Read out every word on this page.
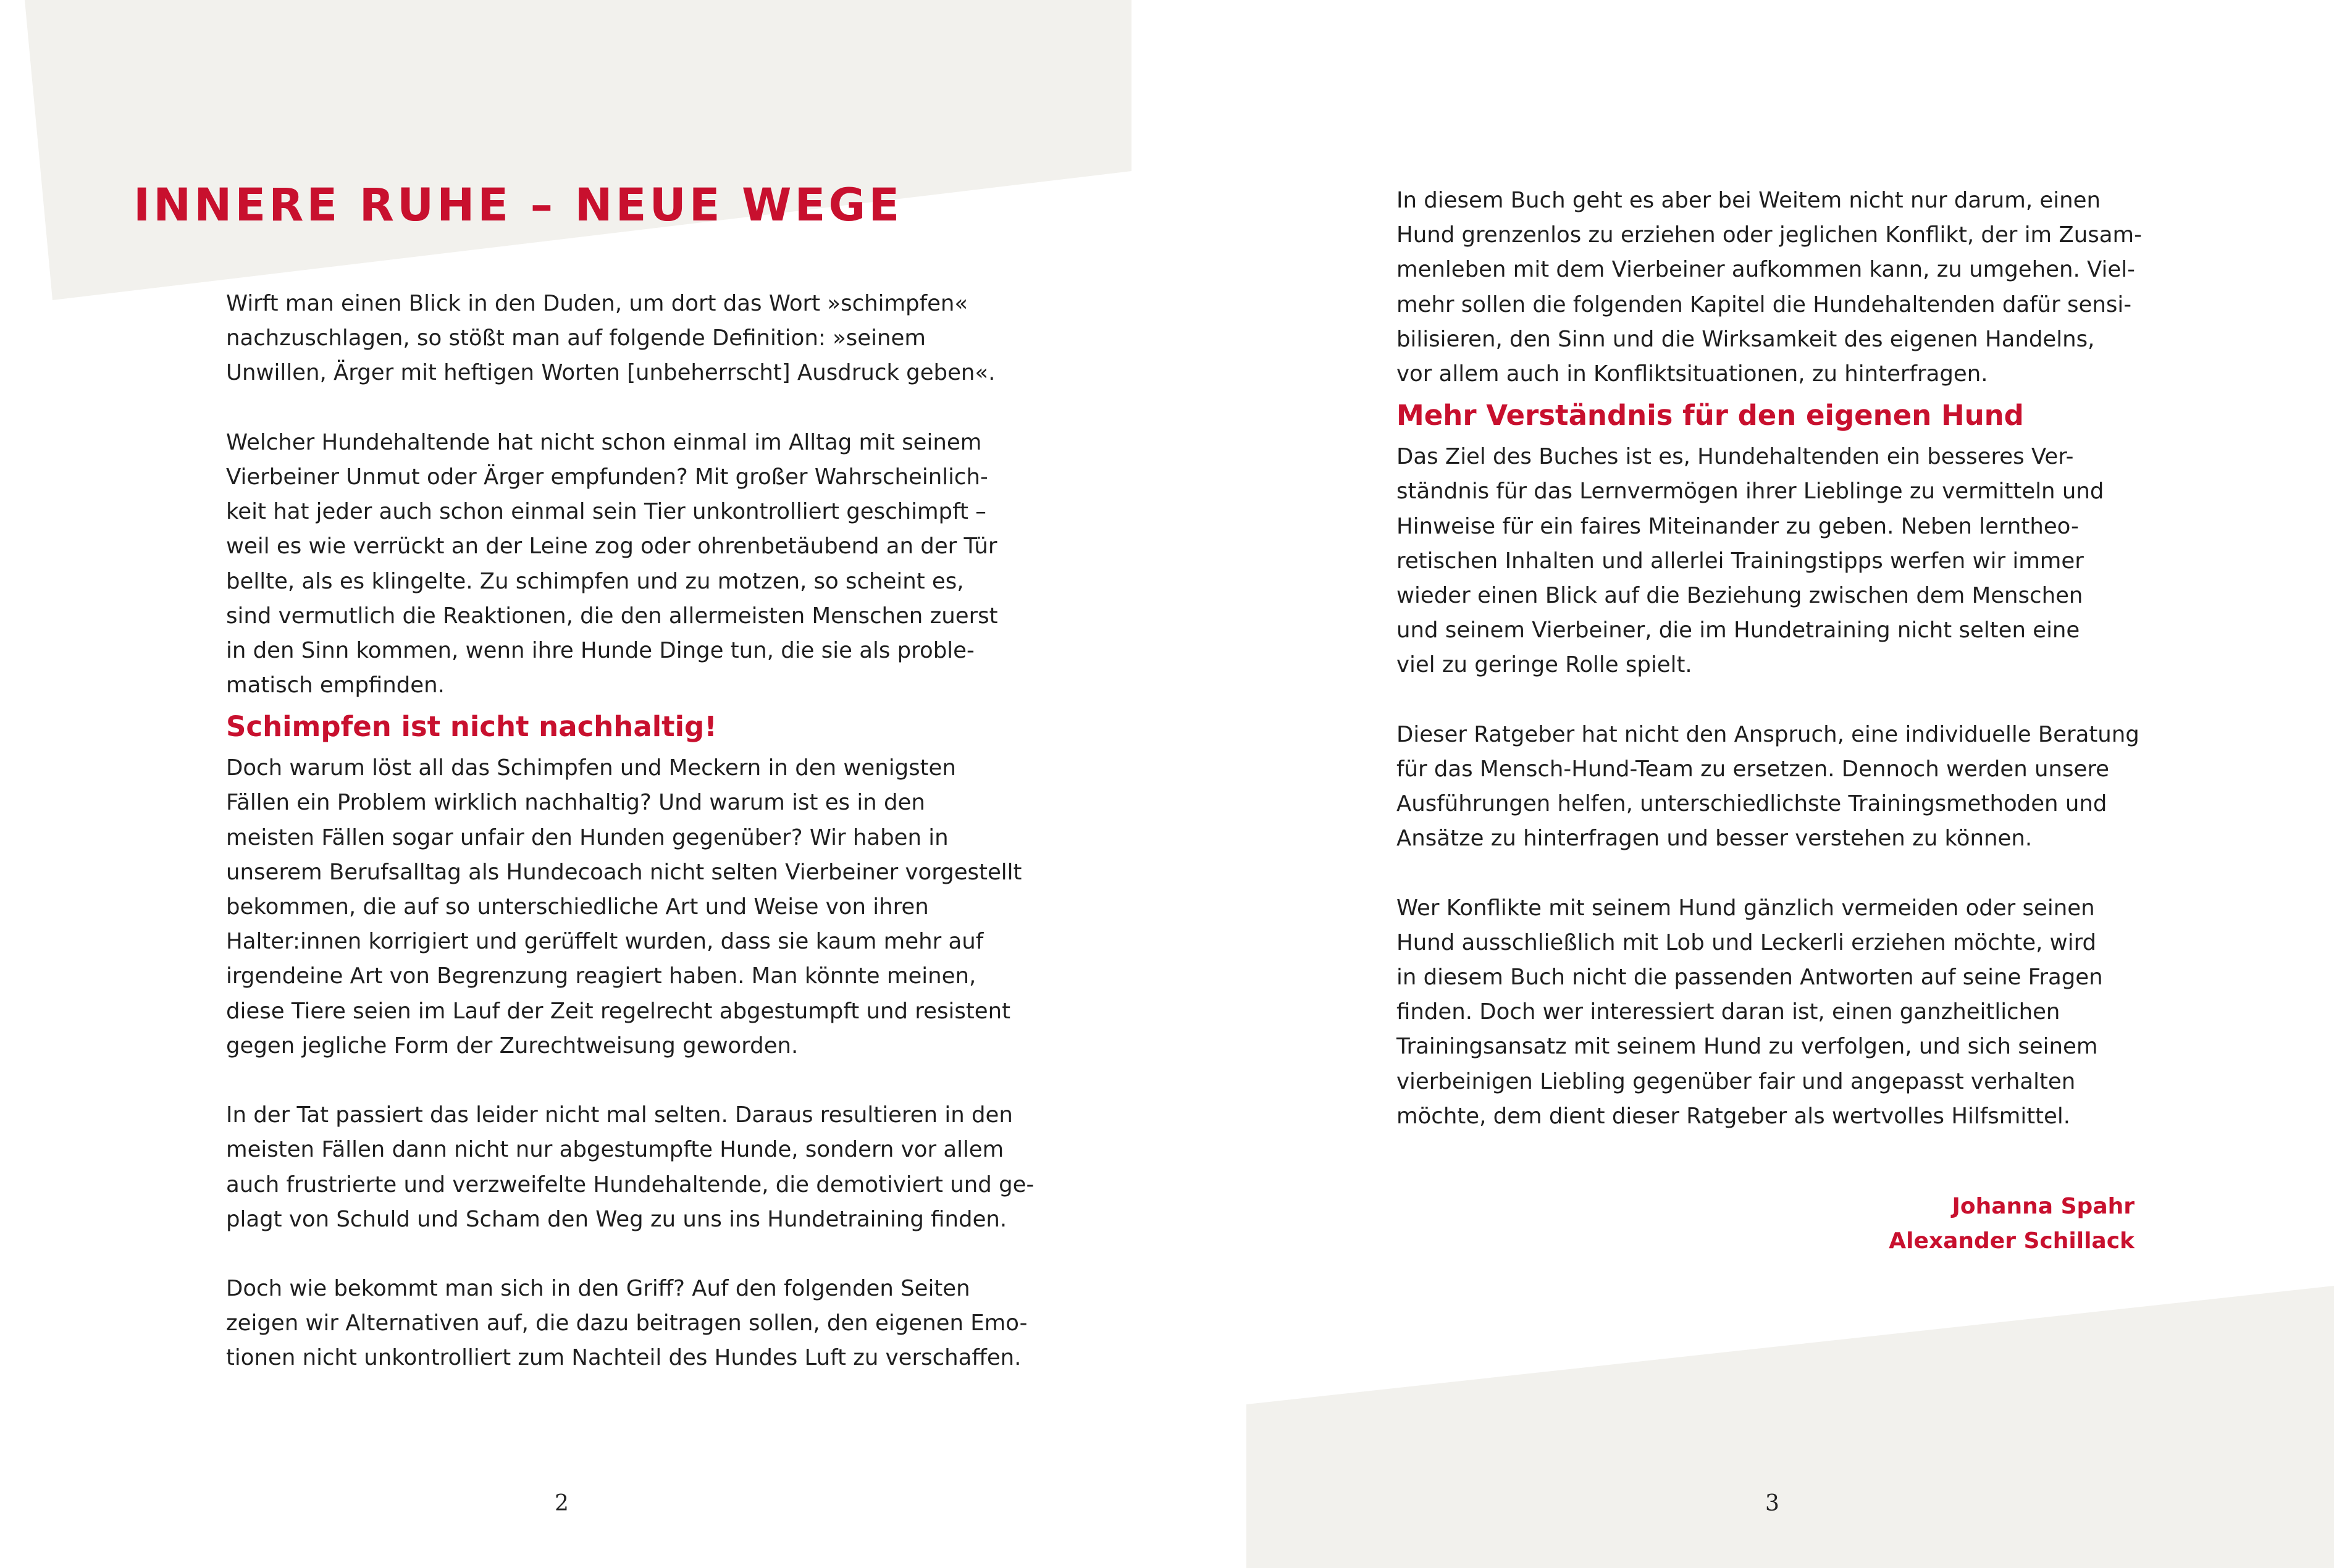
INNERE RUHE – NEUE WEGE
Wirft man einen Blick in den Duden, um dort das Wort »schimpfen«
nachzuschlagen, so stößt man auf folgende Definition: »seinem
Unwillen, Ärger mit heftigen Worten [unbeherrscht] Ausdruck geben«.
Welcher Hundehaltende hat nicht schon einmal im Alltag mit seinem
Vierbeiner Unmut oder Ärger empfunden? Mit großer Wahrscheinlich-
keit hat jeder auch schon einmal sein Tier unkontrolliert geschimpft –
weil es wie verrückt an der Leine zog oder ohrenbetäubend an der Tür
bellte, als es klingelte. Zu schimpfen und zu motzen, so scheint es,
sind vermutlich die Reaktionen, die den allermeisten Menschen zuerst
in den Sinn kommen, wenn ihre Hunde Dinge tun, die sie als proble-
matisch empfinden.
Schimpfen ist nicht nachhaltig!
Doch warum löst all das Schimpfen und Meckern in den wenigsten
Fällen ein Problem wirklich nachhaltig? Und warum ist es in den
meisten Fällen sogar unfair den Hunden gegenüber? Wir haben in
unserem Berufsalltag als Hundecoach nicht selten Vierbeiner vorgestellt
bekommen, die auf so unterschiedliche Art und Weise von ihren
Halter:innen korrigiert und gerüffelt wurden, dass sie kaum mehr auf
irgendeine Art von Begrenzung reagiert haben. Man könnte meinen,
diese Tiere seien im Lauf der Zeit regelrecht abgestumpft und resistent
gegen jegliche Form der Zurechtweisung geworden.
In der Tat passiert das leider nicht mal selten. Daraus resultieren in den
meisten Fällen dann nicht nur abgestumpfte Hunde, sondern vor allem
auch frustrierte und verzweifelte Hundehaltende, die demotiviert und ge-
plagt von Schuld und Scham den Weg zu uns ins Hundetraining finden.
Doch wie bekommt man sich in den Griff? Auf den folgenden Seiten
zeigen wir Alternativen auf, die dazu beitragen sollen, den eigenen Emo-
tionen nicht unkontrolliert zum Nachteil des Hundes Luft zu verschaffen.
2
In diesem Buch geht es aber bei Weitem nicht nur darum, einen
Hund grenzenlos zu erziehen oder jeglichen Konflikt, der im Zusam-
menleben mit dem Vierbeiner aufkommen kann, zu umgehen. Viel-
mehr sollen die folgenden Kapitel die Hundehaltenden dafür sensi-
bilisieren, den Sinn und die Wirksamkeit des eigenen Handelns,
vor allem auch in Konfliktsituationen, zu hinterfragen.
Mehr Verständnis für den eigenen Hund
Das Ziel des Buches ist es, Hundehaltenden ein besseres Ver-
ständnis für das Lernvermögen ihrer Lieblinge zu vermitteln und
Hinweise für ein faires Miteinander zu geben. Neben lerntheo-
retischen Inhalten und allerlei Trainingstipps werfen wir immer
wieder einen Blick auf die Beziehung zwischen dem Menschen
und seinem Vierbeiner, die im Hundetraining nicht selten eine
viel zu geringe Rolle spielt.
Dieser Ratgeber hat nicht den Anspruch, eine individuelle Beratung
für das Mensch-Hund-Team zu ersetzen. Dennoch werden unsere
Ausführungen helfen, unterschiedlichste Trainingsmethoden und
Ansätze zu hinterfragen und besser verstehen zu können.
Wer Konflikte mit seinem Hund gänzlich vermeiden oder seinen
Hund ausschließlich mit Lob und Leckerli erziehen möchte, wird
in diesem Buch nicht die passenden Antworten auf seine Fragen
finden. Doch wer interessiert daran ist, einen ganzheitlichen
Trainingsansatz mit seinem Hund zu verfolgen, und sich seinem
vierbeinigen Liebling gegenüber fair und angepasst verhalten
möchte, dem dient dieser Ratgeber als wertvolles Hilfsmittel.
Johanna Spahr
Alexander Schillack
3
